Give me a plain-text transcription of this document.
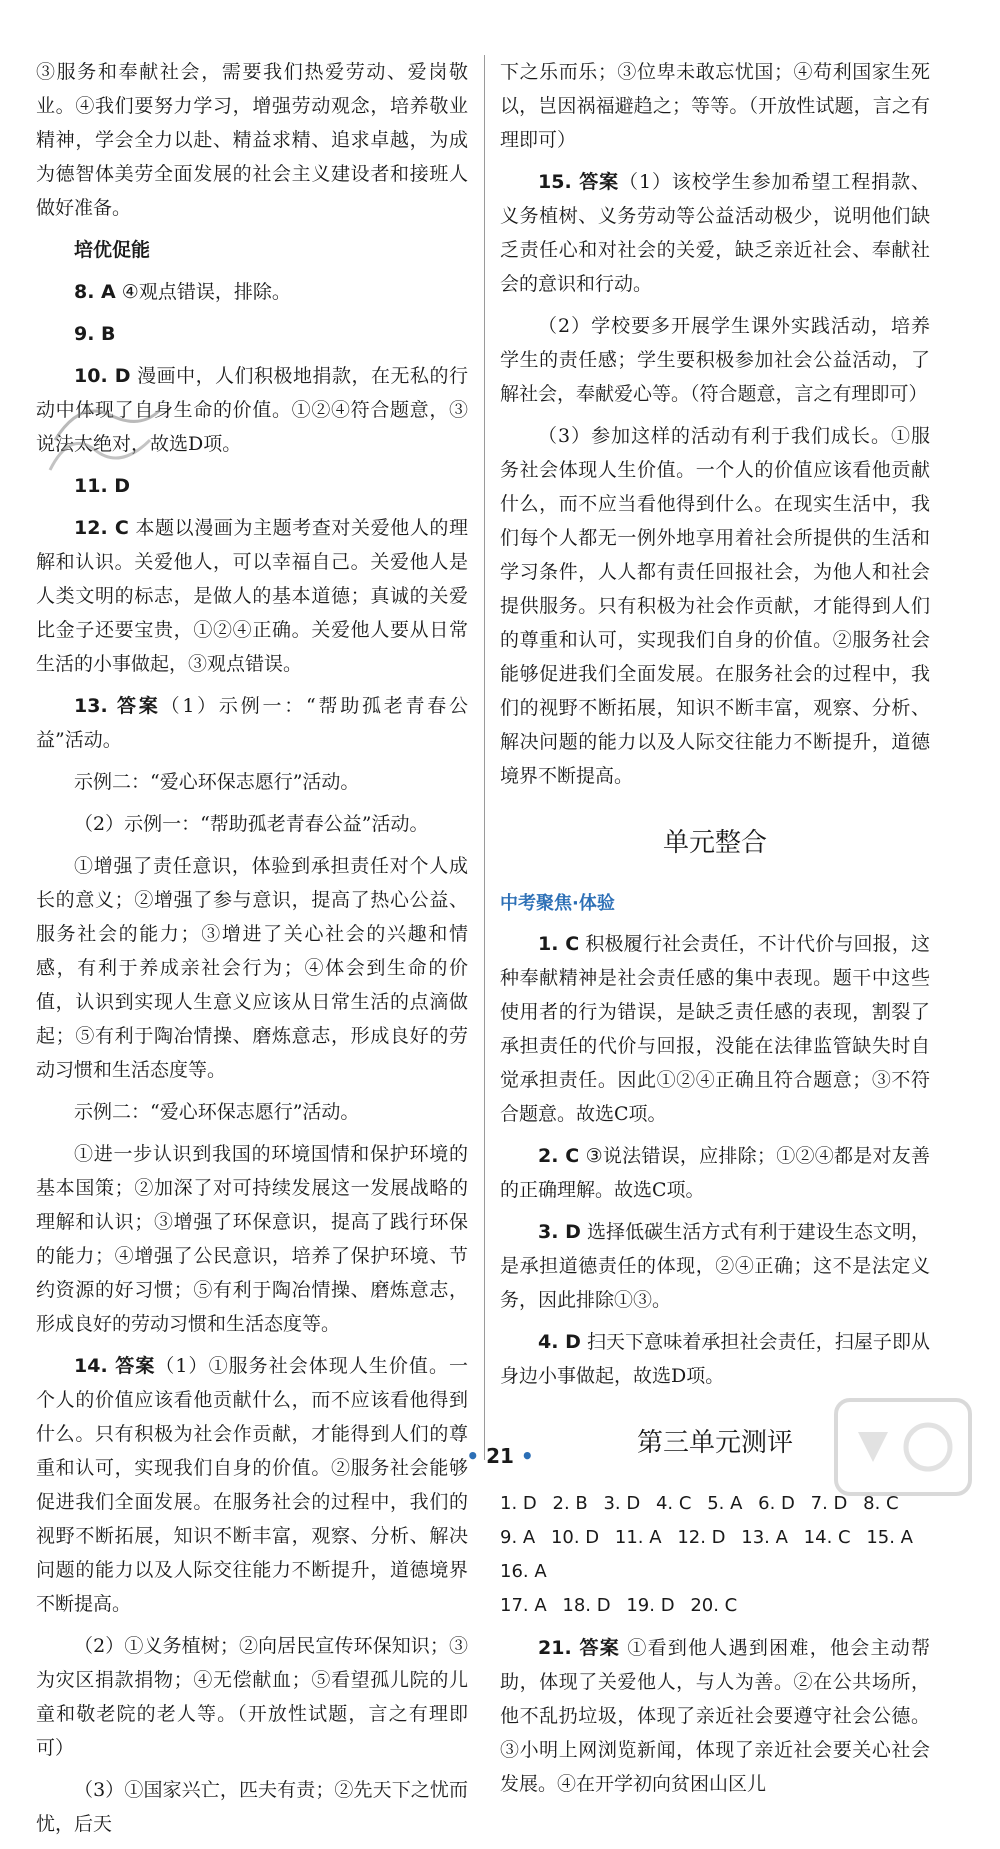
③服务和奉献社会，需要我们热爱劳动、爱岗敬业。④我们要努力学习，增强劳动观念，培养敬业精神，学会全力以赴、精益求精、追求卓越，为成为德智体美劳全面发展的社会主义建设者和接班人做好准备。

培优促能

8. A ④观点错误，排除。

9. B

10. D 漫画中，人们积极地捐款，在无私的行动中体现了自身生命的价值。①②④符合题意，③说法太绝对，故选D项。

11. D

12. C 本题以漫画为主题考查对关爱他人的理解和认识。关爱他人，可以幸福自己。关爱他人是人类文明的标志，是做人的基本道德；真诚的关爱比金子还要宝贵，①②④正确。关爱他人要从日常生活的小事做起，③观点错误。

13. 答案（1）示例一：“帮助孤老青春公益”活动。

示例二：“爱心环保志愿行”活动。

（2）示例一：“帮助孤老青春公益”活动。

①增强了责任意识，体验到承担责任对个人成长的意义；②增强了参与意识，提高了热心公益、服务社会的能力；③增进了关心社会的兴趣和情感，有利于养成亲社会行为；④体会到生命的价值，认识到实现人生意义应该从日常生活的点滴做起；⑤有利于陶冶情操、磨炼意志，形成良好的劳动习惯和生活态度等。

示例二：“爱心环保志愿行”活动。

①进一步认识到我国的环境国情和保护环境的基本国策；②加深了对可持续发展这一发展战略的理解和认识；③增强了环保意识，提高了践行环保的能力；④增强了公民意识，培养了保护环境、节约资源的好习惯；⑤有利于陶冶情操、磨炼意志，形成良好的劳动习惯和生活态度等。

14. 答案（1）①服务社会体现人生价值。一个人的价值应该看他贡献什么，而不应该看他得到什么。只有积极为社会作贡献，才能得到人们的尊重和认可，实现我们自身的价值。②服务社会能够促进我们全面发展。在服务社会的过程中，我们的视野不断拓展，知识不断丰富，观察、分析、解决问题的能力以及人际交往能力不断提升，道德境界不断提高。

（2）①义务植树；②向居民宣传环保知识；③为灾区捐款捐物；④无偿献血；⑤看望孤儿院的儿童和敬老院的老人等。（开放性试题，言之有理即可）

（3）①国家兴亡，匹夫有责；②先天下之忧而忧，后天

下之乐而乐；③位卑未敢忘忧国；④苟利国家生死以，岂因祸福避趋之；等等。（开放性试题，言之有理即可）

15. 答案（1）该校学生参加希望工程捐款、义务植树、义务劳动等公益活动极少，说明他们缺乏责任心和对社会的关爱，缺乏亲近社会、奉献社会的意识和行动。

（2）学校要多开展学生课外实践活动，培养学生的责任感；学生要积极参加社会公益活动，了解社会，奉献爱心等。（符合题意，言之有理即可）

（3）参加这样的活动有利于我们成长。①服务社会体现人生价值。一个人的价值应该看他贡献什么，而不应当看他得到什么。在现实生活中，我们每个人都无一例外地享用着社会所提供的生活和学习条件，人人都有责任回报社会，为他人和社会提供服务。只有积极为社会作贡献，才能得到人们的尊重和认可，实现我们自身的价值。②服务社会能够促进我们全面发展。在服务社会的过程中，我们的视野不断拓展，知识不断丰富，观察、分析、解决问题的能力以及人际交往能力不断提升，道德境界不断提高。

单元整合
中考聚焦·体验

1. C 积极履行社会责任，不计代价与回报，这种奉献精神是社会责任感的集中表现。题干中这些使用者的行为错误，是缺乏责任感的表现，割裂了承担责任的代价与回报，没能在法律监管缺失时自觉承担责任。因此①②④正确且符合题意；③不符合题意。故选C项。

2. C ③说法错误，应排除；①②④都是对友善的正确理解。故选C项。

3. D 选择低碳生活方式有利于建设生态文明，是承担道德责任的体现，②④正确；这不是法定义务，因此排除①③。

4. D 扫天下意味着承担社会责任，扫屋子即从身边小事做起，故选D项。

第三单元测评
1. D 2. B 3. D 4. C 5. A 6. D 7. D 8. C
9. A 10. D 11. A 12. D 13. A 14. C 15. A 16. A
17. A 18. D 19. D 20. C

21. 答案 ①看到他人遇到困难，他会主动帮助，体现了关爱他人，与人为善。②在公共场所，他不乱扔垃圾，体现了亲近社会要遵守社会公德。③小明上网浏览新闻，体现了亲近社会要关心社会发展。④在开学初向贫困山区儿

• 21 •
